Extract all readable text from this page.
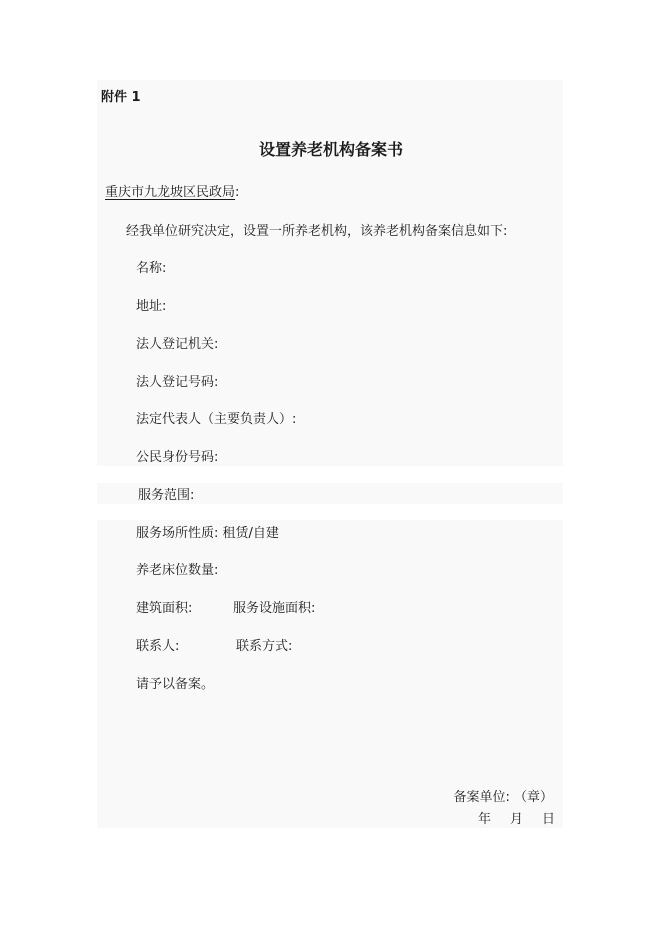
附件 1
设置养老机构备案书
重庆市九龙坡区民政局:
经我单位研究决定，设置一所养老机构，该养老机构备案信息如下:
名称:
地址:
法人登记机关:
法人登记号码:
法定代表人（主要负责人）:
公民身份号码:
服务范围:
服务场所性质: 租赁/自建
养老床位数量:
建筑面积:	服务设施面积:
联系人:	联系方式:
请予以备案。
备案单位: （章）
年 月 日
